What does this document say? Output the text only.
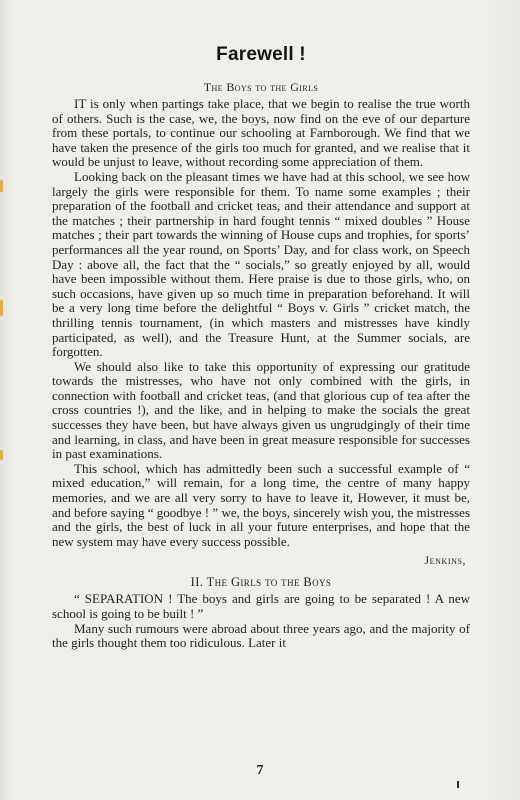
Farewell !
The Boys to the Girls

IT is only when partings take place, that we begin to realise the true worth of others. Such is the case, we, the boys, now find on the eve of our departure from these portals, to continue our schooling at Farnborough. We find that we have taken the presence of the girls too much for granted, and we realise that it would be unjust to leave, without recording some appreciation of them.

Looking back on the pleasant times we have had at this school, we see how largely the girls were responsible for them. To name some examples ; their preparation of the football and cricket teas, and their attendance and support at the matches ; their partnership in hard fought tennis “ mixed doubles ” House matches ; their part towards the winning of House cups and trophies, for sports’ performances all the year round, on Sports’ Day, and for class work, on Speech Day : above all, the fact that the “ socials,” so greatly enjoyed by all, would have been impossible without them. Here praise is due to those girls, who, on such occasions, have given up so much time in preparation beforehand. It will be a very long time before the delightful “ Boys v. Girls ” cricket match, the thrilling tennis tournament, (in which masters and mistresses have kindly participated, as well), and the Treasure Hunt, at the Summer socials, are forgotten.

We should also like to take this opportunity of expressing our gratitude towards the mistresses, who have not only combined with the girls, in connection with football and cricket teas, (and that glorious cup of tea after the cross countries !), and the like, and in helping to make the socials the great successes they have been, but have always given us ungrudgingly of their time and learning, in class, and have been in great measure responsible for successes in past examinations.

This school, which has admittedly been such a successful example of “ mixed education,” will remain, for a long time, the centre of many happy memories, and we are all very sorry to have to leave it, However, it must be, and before saying “ goodbye ! ” we, the boys, sincerely wish you, the mistresses and the girls, the best of luck in all your future enterprises, and hope that the new system may have every success possible.

Jenkins,
II. The Girls to the Boys

“ SEPARATION ! The boys and girls are going to be separated ! A new school is going to be built ! ”

Many such rumours were abroad about three years ago, and the majority of the girls thought them too ridiculous. Later it

7
